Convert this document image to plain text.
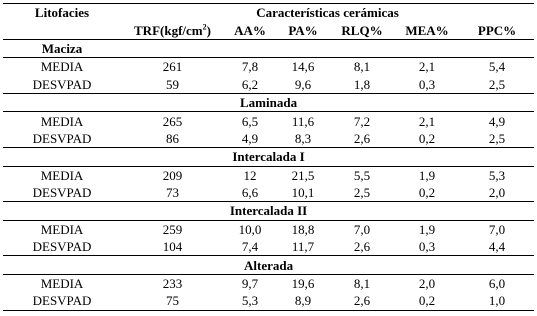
Litofacies	Características cerámicas					
	$TRF(kgf/cm^2)$	AA%	PA%	RLQ%	MEA%	PPC%
Maciza						
MEDIA	261	7,8	14,6	8,1	2,1	5,4
DESVPAD	59	6,2	9,6	1,8	0,3	2,5
Laminada						
MEDIA	265	6,5	11,6	7,2	2,1	4,9
DESVPAD	86	4,9	8,3	2,6	0,2	2,5
Intercalada I						
MEDIA	209	12	21,5	5,5	1,9	5,3
DESVPAD	73	6,6	10,1	2,5	0,2	2,0
Intercalada II						
MEDIA	259	10,0	18,8	7,0	1,9	7,0
DESVPAD	104	7,4	11,7	2,6	0,3	4,4
Alterada						
MEDIA	233	9,7	19,6	8,1	2,0	6,0
DESVPAD	75	5,3	8,9	2,6	0,2	1,0
